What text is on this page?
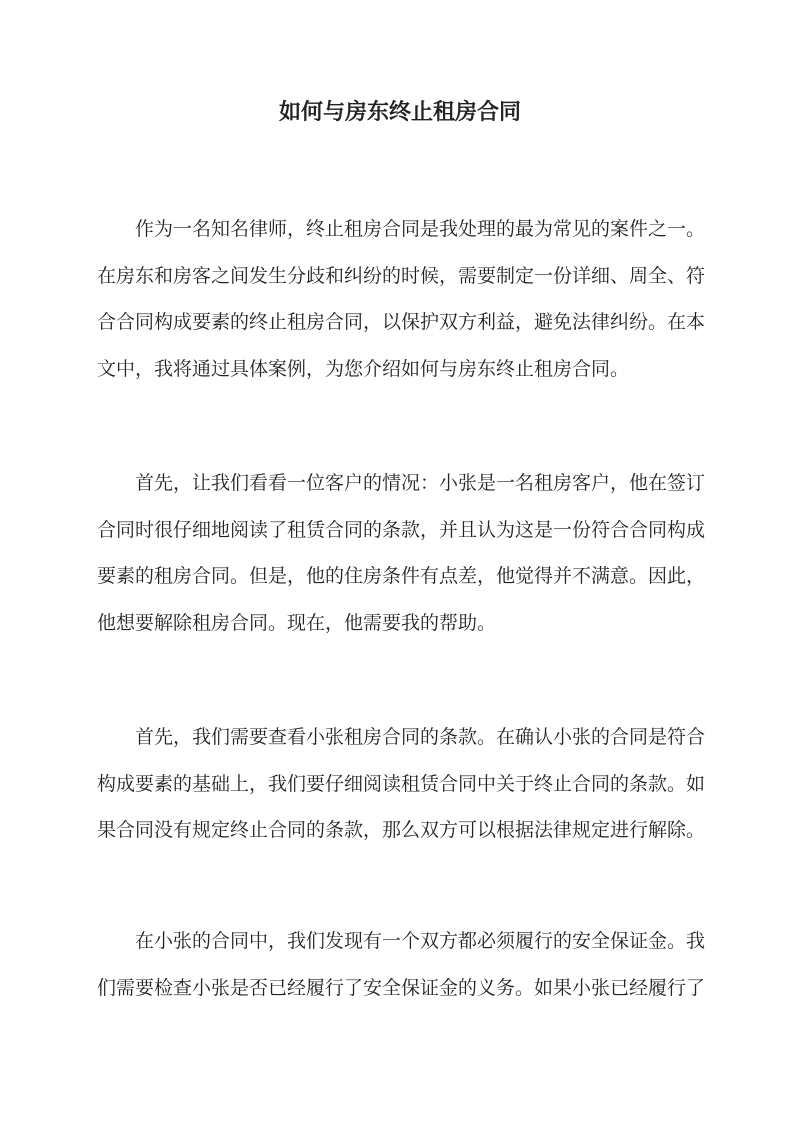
如何与房东终止租房合同
作为一名知名律师，终止租房合同是我处理的最为常见的案件之一。
在房东和房客之间发生分歧和纠纷的时候，需要制定一份详细、周全、符
合合同构成要素的终止租房合同，以保护双方利益，避免法律纠纷。在本
文中，我将通过具体案例，为您介绍如何与房东终止租房合同。
首先，让我们看看一位客户的情况：小张是一名租房客户，他在签订
合同时很仔细地阅读了租赁合同的条款，并且认为这是一份符合合同构成
要素的租房合同。但是，他的住房条件有点差，他觉得并不满意。因此，
他想要解除租房合同。现在，他需要我的帮助。
首先，我们需要查看小张租房合同的条款。在确认小张的合同是符合
构成要素的基础上，我们要仔细阅读租赁合同中关于终止合同的条款。如
果合同没有规定终止合同的条款，那么双方可以根据法律规定进行解除。
在小张的合同中，我们发现有一个双方都必须履行的安全保证金。我
们需要检查小张是否已经履行了安全保证金的义务。如果小张已经履行了
